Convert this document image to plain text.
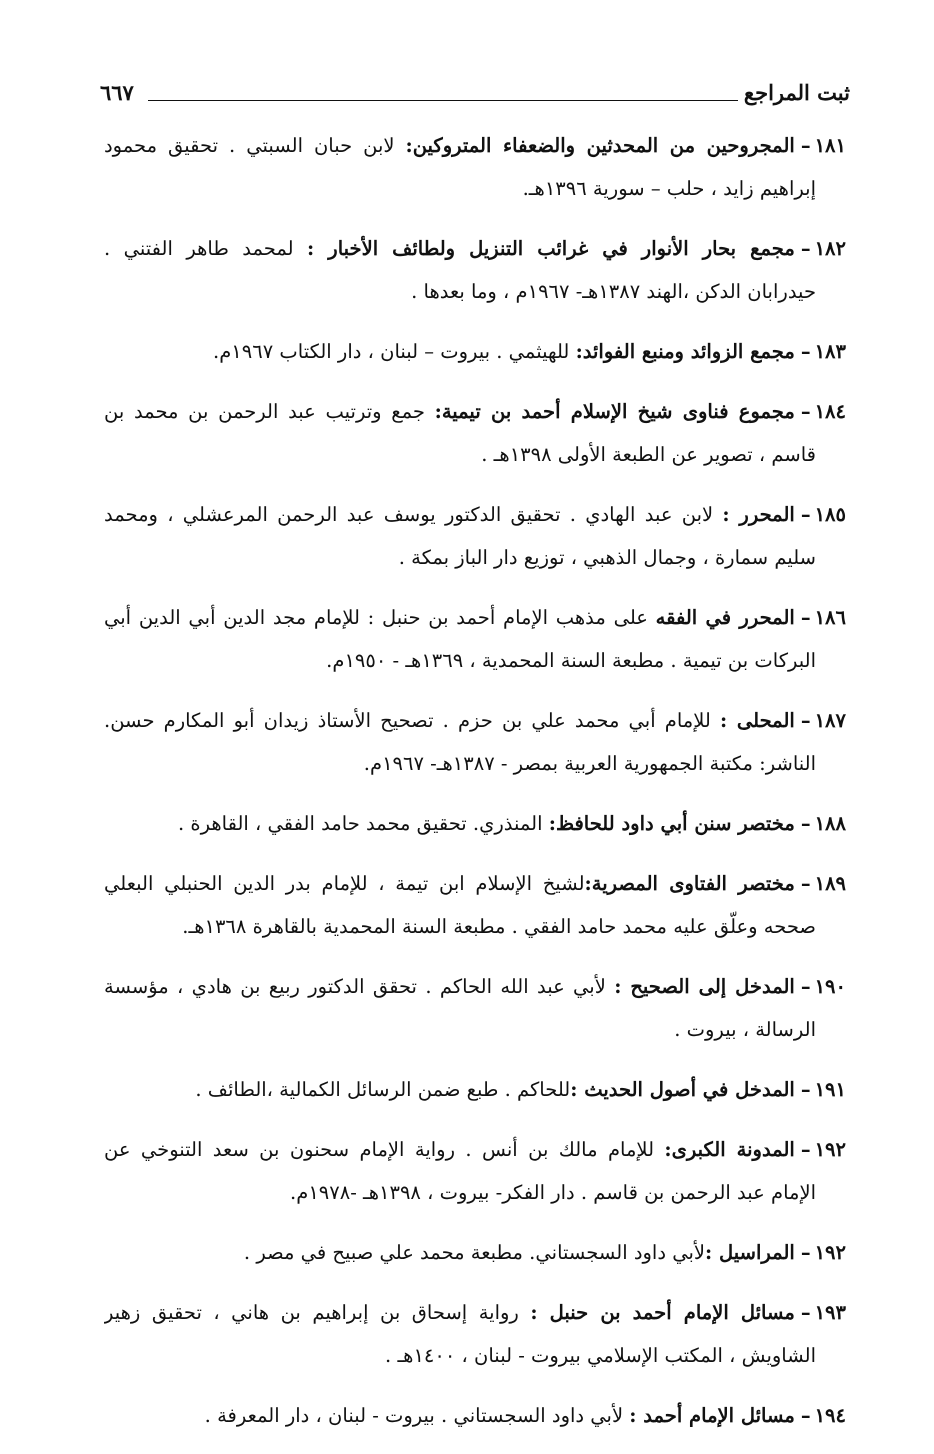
ثبت المراجع
٦٦٧
١٨١–المجروحين من المحدثين والضعفاء المتروكين: لابن حبان السبتي . تحقيق محمود
إبراهيم زايد ، حلب – سورية ١٣٩٦هـ.
١٨٢–مجمع بحار الأنوار في غرائب التنزيل ولطائف الأخبار : لمحمد طاهر الفتني .
حيدرابان الدكن ،الهند ١٣٨٧هـ- ١٩٦٧م ، وما بعدها .
١٨٣–مجمع الزوائد ومنبع الفوائد: للهيثمي . بيروت – لبنان ، دار الكتاب ١٩٦٧م.
١٨٤–مجموع فناوى شيخ الإسلام أحمد بن تيمية: جمع وترتيب عبد الرحمن بن محمد بن
قاسم ، تصوير عن الطبعة الأولى ١٣٩٨هـ .
١٨٥–المحرر : لابن عبد الهادي . تحقيق الدكتور يوسف عبد الرحمن المرعشلي ، ومحمد
سليم سمارة ، وجمال الذهبي ، توزيع دار الباز بمكة .
١٨٦–المحرر في الفقه على مذهب الإمام أحمد بن حنبل : للإمام مجد الدين أبي الدين أبي
البركات بن تيمية . مطبعة السنة المحمدية ، ١٣٦٩هـ - ١٩٥٠م.
١٨٧–المحلى : للإمام أبي محمد علي بن حزم . تصحيح الأستاذ زيدان أبو المكارم حسن.
الناشر: مكتبة الجمهورية العربية بمصر - ١٣٨٧هـ- ١٩٦٧م.
١٨٨–مختصر سنن أبي داود للحافظ: المنذري. تحقيق محمد حامد الفقي ، القاهرة .
١٨٩–مختصر الفتاوى المصرية:لشيخ الإسلام ابن تيمة ، للإمام بدر الدين الحنبلي البعلي
صححه وعلّق عليه محمد حامد الفقي . مطبعة السنة المحمدية بالقاهرة ١٣٦٨هـ.
١٩٠–المدخل إلى الصحيح : لأبي عبد الله الحاكم . تحقق الدكتور ربيع بن هادي ، مؤسسة
الرسالة ، بيروت .
١٩١–المدخل في أصول الحديث :للحاكم . طبع ضمن الرسائل الكمالية ،الطائف .
١٩٢–المدونة الكبرى: للإمام مالك بن أنس . رواية الإمام سحنون بن سعد التنوخي عن
الإمام عبد الرحمن بن قاسم . دار الفكر- بيروت ، ١٣٩٨هـ -١٩٧٨م.
١٩٢–المراسيل :لأبي داود السجستاني. مطبعة محمد علي صبيح في مصر .
١٩٣–مسائل الإمام أحمد بن حنبل : رواية إسحاق بن إبراهيم بن هاني ، تحقيق زهير
الشاويش ، المكتب الإسلامي بيروت - لبنان ، ١٤٠٠هـ .
١٩٤–مسائل الإمام أحمد : لأبي داود السجستاني . بيروت - لبنان ، دار المعرفة .
